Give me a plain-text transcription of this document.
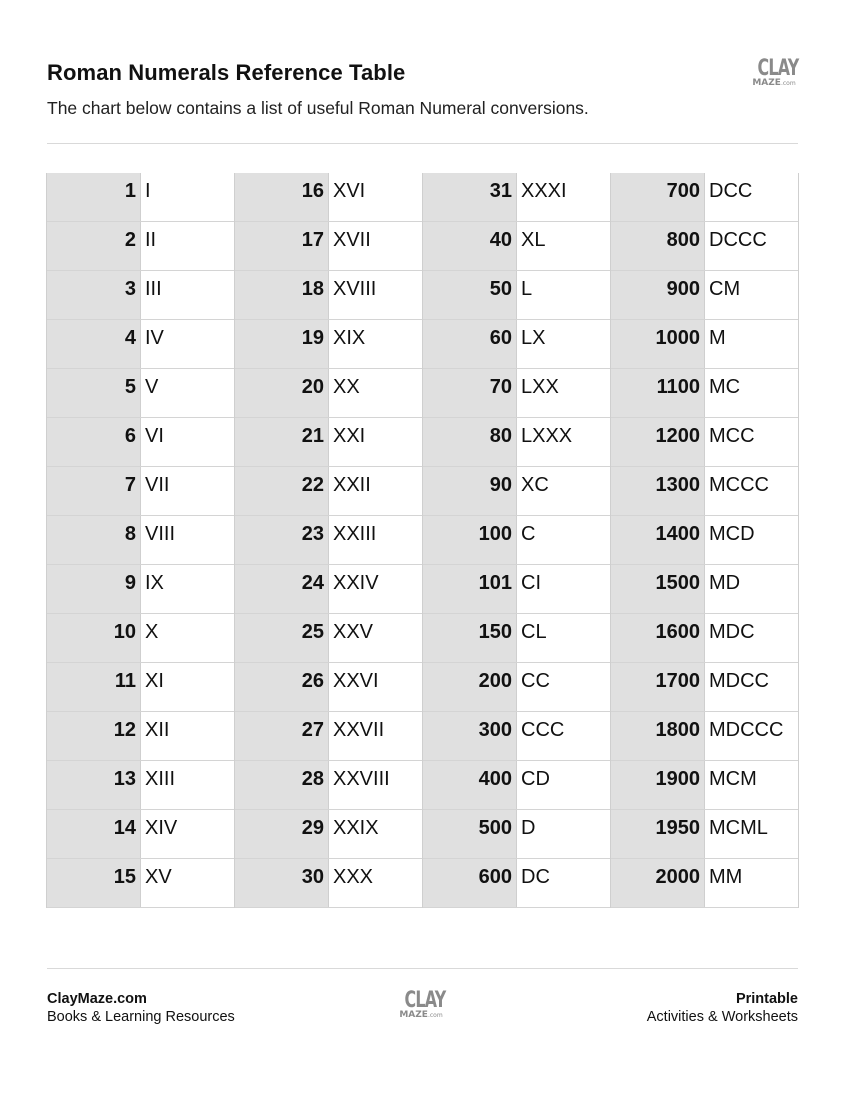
Roman Numerals Reference Table
The chart below contains a list of useful Roman Numeral conversions.
CLAY
MAZE.com
1 I
2 II
3 III
4 IV
5 V
6 VI
7 VII
8 VIII
9 IX
10 X
11 XI
12 XII
13 XIII
14 XIV
15 XV
16 XVI
17 XVII
18 XVIII
19 XIX
20 XX
21 XXI
22 XXII
23 XXIII
24 XXIV
25 XXV
26 XXVI
27 XXVII
28 XXVIII
29 XXIX
30 XXX
31 XXXI
40 XL
50 L
60 LX
70 LXX
80 LXXX
90 XC
100 C
101 CI
150 CL
200 CC
300 CCC
400 CD
500 D
600 DC
700 DCC
800 DCCC
900 CM
1000 M
1100 MC
1200 MCC
1300 MCCC
1400 MCD
1500 MD
1600 MDC
1700 MDCC
1800 MDCCC
1900 MCM
1950 MCML
2000 MM
ClayMaze.com
Books & Learning Resources
CLAY
MAZE.com
Printable
Activities & Worksheets
